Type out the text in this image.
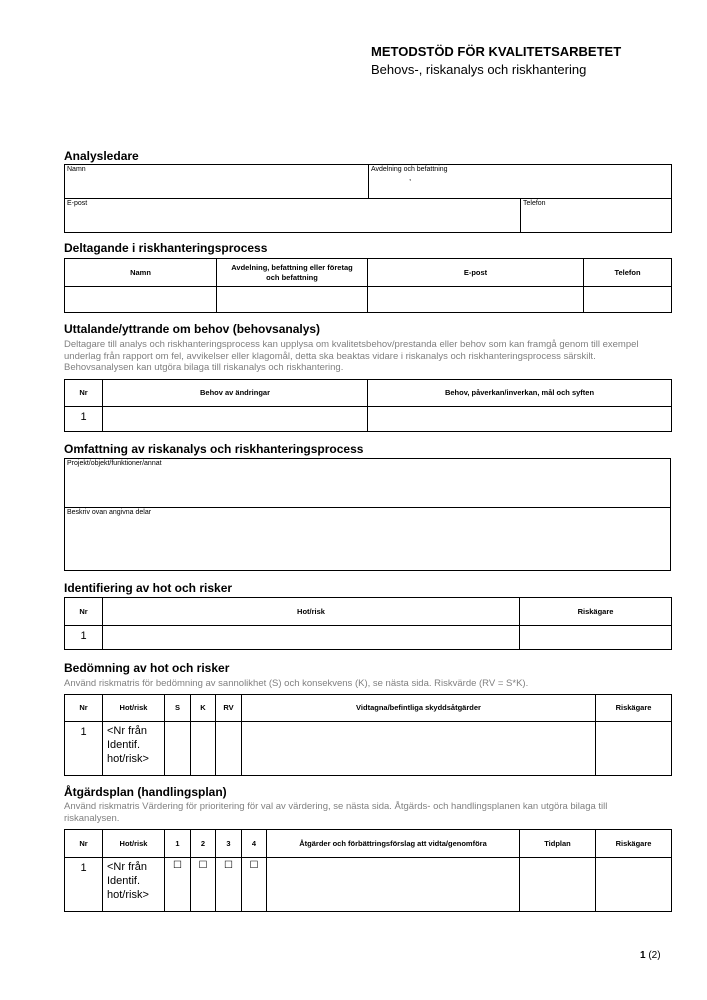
METODSTÖD FÖR KVALITETSARBETET
Behovs-, riskanalys och riskhantering
Analysledare
Namn	Avdelning och befattning
,	

E-post		Telefon
Deltagande i riskhanteringsprocess
Namn	Avdelning, befattning eller företag och befattning	E-post	Telefon

Uttalande/yttrande om behov (behovsanalys)
Deltagare till analys och riskhanteringsprocess kan upplysa om kvalitetsbehov/prestanda eller behov som kan framgå genom till exempel underlag från rapport om fel, avvikelser eller klagomål, detta ska beaktas vidare i riskanalys och riskhanteringsprocess särskilt. Behovsanalysen kan utgöra bilaga till riskanalys och riskhantering.
Nr	Behov av ändringar	Behov, påverkan/inverkan, mål och syften
1		
Omfattning av riskanalys och riskhanteringsprocess
Projekt/objekt/funktioner/annat

Beskriv ovan angivna delar
Identifiering av hot och risker
Nr	Hot/risk	Riskägare
1		
Bedömning av hot och risker
Använd riskmatris för bedömning av sannolikhet (S) och konsekvens (K), se nästa sida. Riskvärde (RV = S*K).
Nr	Hot/risk	S	K	RV	Vidtagna/befintliga skyddsåtgärder	Riskägare
1	<Nr från Identif. hot/risk>					
Åtgärdsplan (handlingsplan)
Använd riskmatris Värdering för prioritering för val av värdering, se nästa sida. Åtgärds- och handlingsplanen kan utgöra bilaga till riskanalysen.
Nr	Hot/risk	1	2	3	4	Åtgärder och förbättringsförslag att vidta/genomföra	Tidplan	Riskägare
1	<Nr från Identif. hot/risk>	☐	☐	☐	☐			
1 (2)
